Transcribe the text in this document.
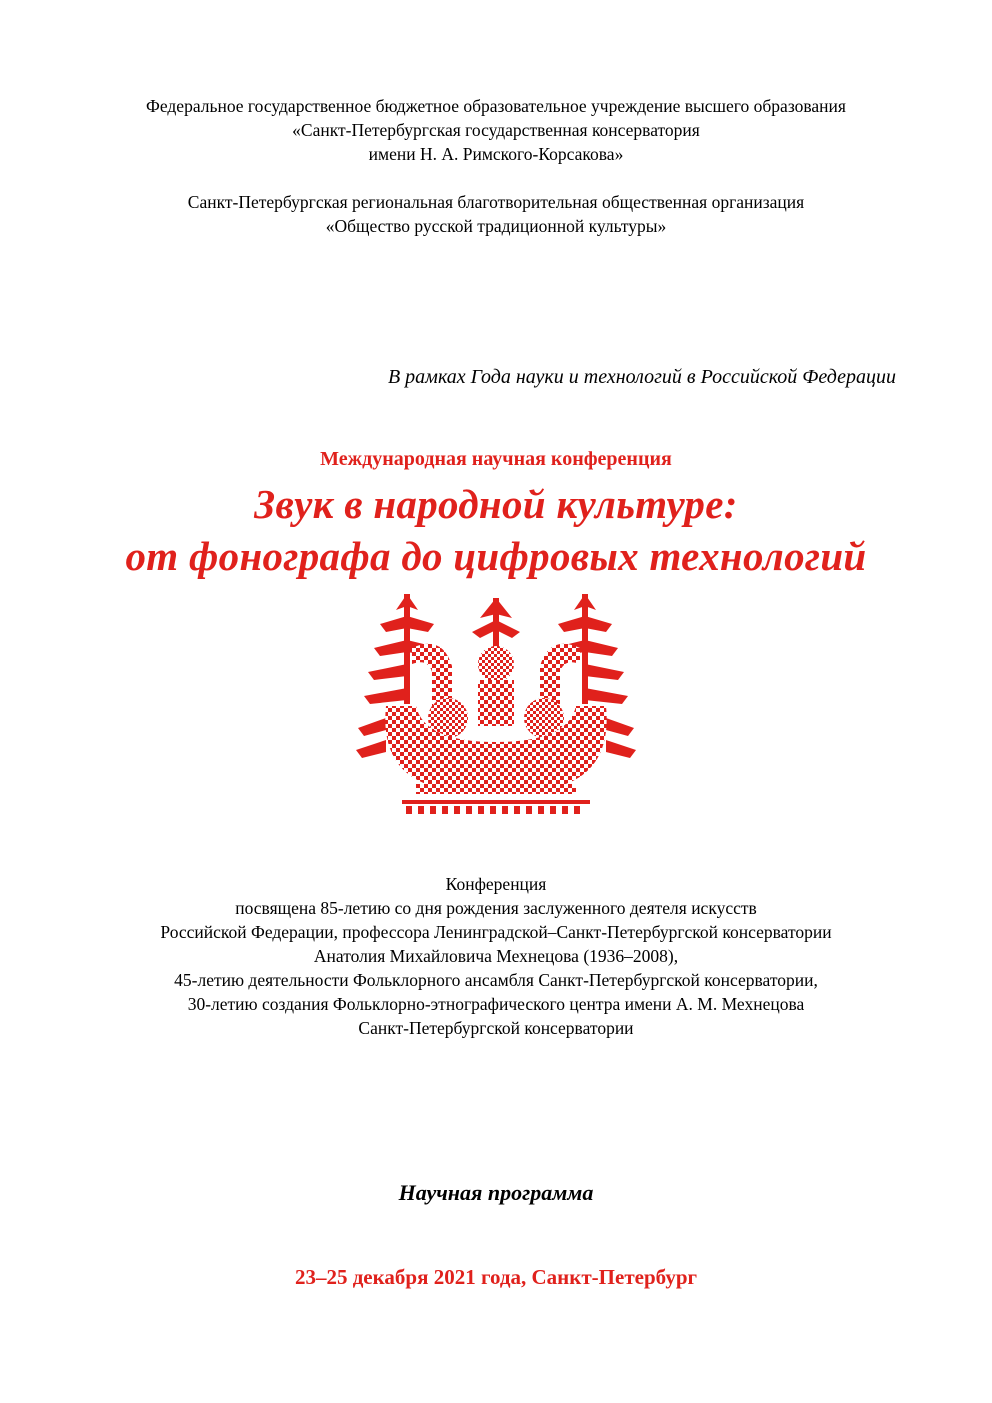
Федеральное государственное бюджетное образовательное учреждение высшего образования
«Санкт-Петербургская государственная консерватория
имени Н. А. Римского-Корсакова»
Санкт-Петербургская региональная благотворительная общественная организация
«Общество русской традиционной культуры»
В рамках Года науки и технологий в Российской Федерации
Международная научная конференция
Звук в народной культуре:
от фонографа до цифровых технологий
Конференция
посвящена 85-летию со дня рождения заслуженного деятеля искусств
Российской Федерации, профессора Ленинградской–Санкт-Петербургской консерватории
Анатолия Михайловича Мехнецова (1936–2008),
45-летию деятельности Фольклорного ансамбля Санкт-Петербургской консерватории,
30-летию создания Фольклорно-этнографического центра имени А. М. Мехнецова
Санкт-Петербургской консерватории
Научная программа
23–25 декабря 2021 года, Санкт-Петербург
